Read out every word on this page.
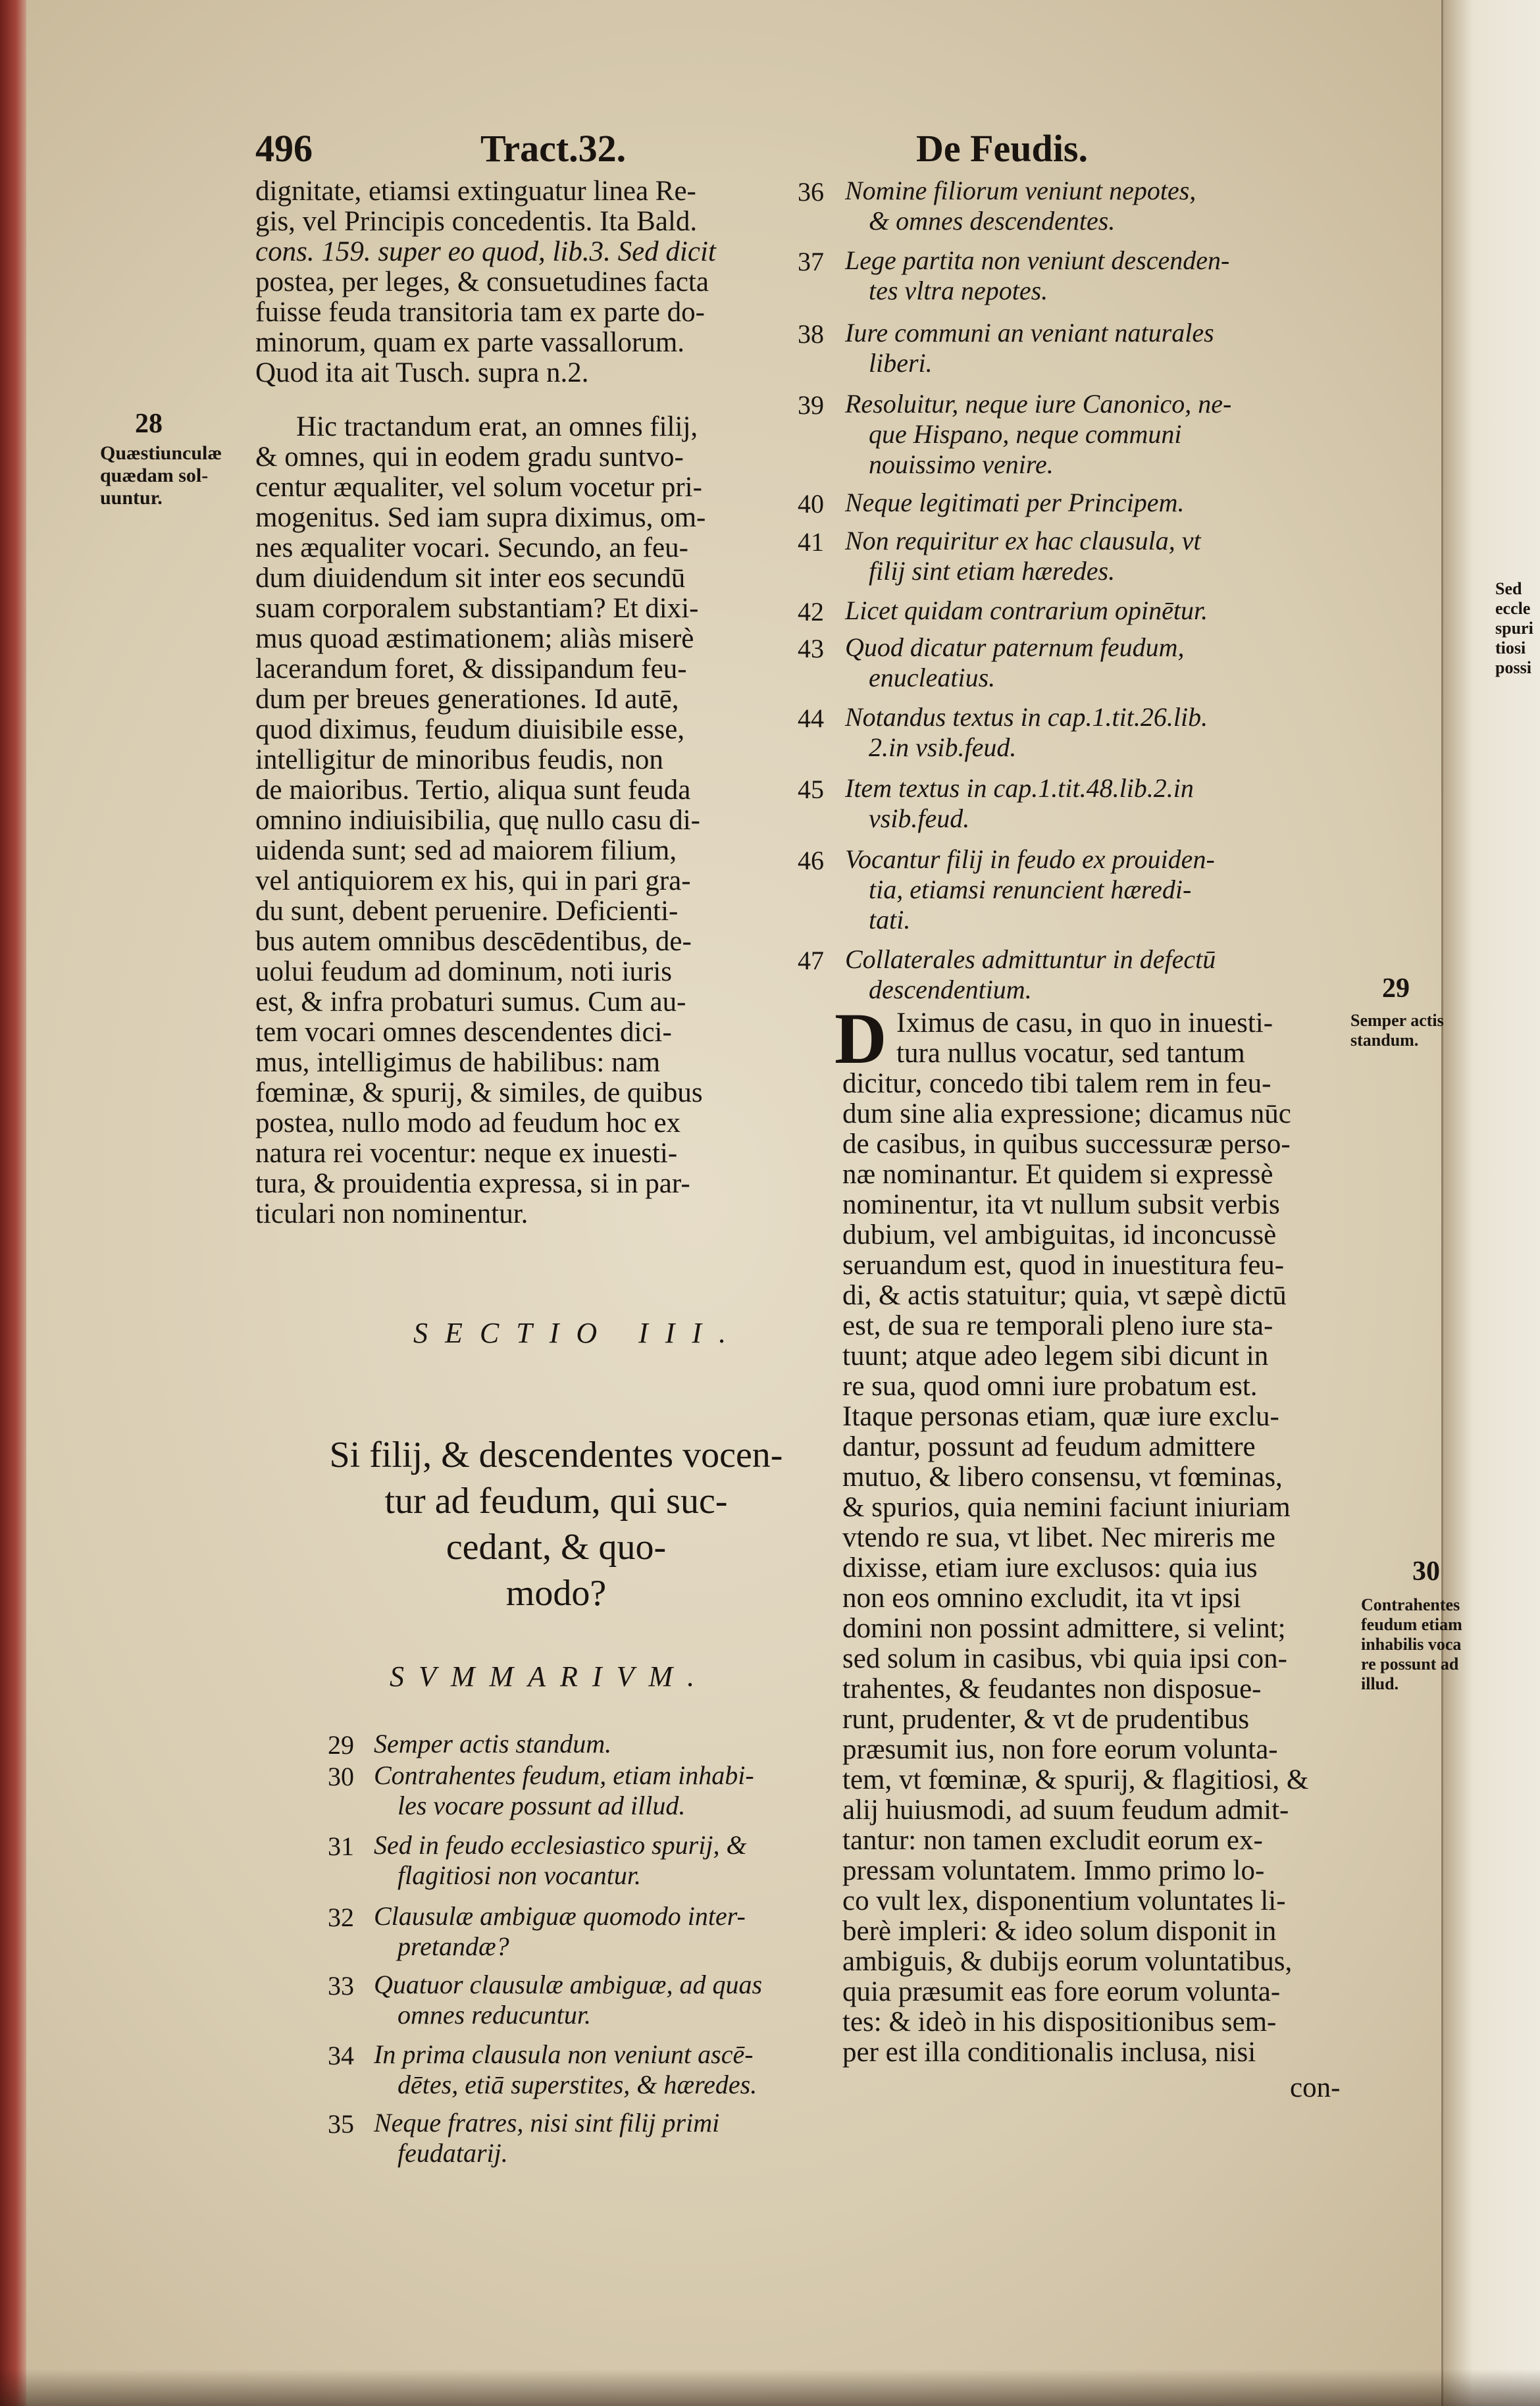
Sed
eccle
spuri
tiosi
possi
496	Tract.32.	De Feudis.
28
Quæstiunculæ
quædam sol-
uuntur.
dignitate, etiamsi extinguatur linea Re-
gis, vel Principis concedentis. Ita Bald.
cons. 159. super eo quod, lib.3. Sed dicit
postea, per leges, & consuetudines facta
fuisse feuda transitoria tam ex parte do-
minorum, quam ex parte vassallorum.
Quod ita ait Tusch. supra n.2.
Hic tractandum erat, an omnes filij,
& omnes, qui in eodem gradu suntvo-
centur æqualiter, vel solum vocetur pri-
mogenitus. Sed iam supra diximus, om-
nes æqualiter vocari. Secundo, an feu-
dum diuidendum sit inter eos secundū
suam corporalem substantiam? Et dixi-
mus quoad æstimationem; aliàs miserè
lacerandum foret, & dissipandum feu-
dum per breues generationes. Id autē,
quod diximus, feudum diuisibile esse,
intelligitur de minoribus feudis, non
de maioribus. Tertio, aliqua sunt feuda
omnino indiuisibilia, quę nullo casu di-
uidenda sunt; sed ad maiorem filium,
vel antiquiorem ex his, qui in pari gra-
du sunt, debent peruenire. Deficienti-
bus autem omnibus descēdentibus, de-
uolui feudum ad dominum, noti iuris
est, & infra probaturi sumus. Cum au-
tem vocari omnes descendentes dici-
mus, intelligimus de habilibus: nam
fœminæ, & spurij, & similes, de quibus
postea, nullo modo ad feudum hoc ex
natura rei vocentur: neque ex inuesti-
tura, & prouidentia expressa, si in par-
ticulari non nominentur.
SECTIO III.
Si filij, & descendentes vocen-
tur ad feudum, qui suc-
cedant, & quo-
modo?
SVMMARIVM.
29 Semper actis standum.
30 Contrahentes feudum, etiam inhabi-
les vocare possunt ad illud.
31 Sed in feudo ecclesiastico spurij, &
flagitiosi non vocantur.
32 Clausulæ ambiguæ quomodo inter-
pretandæ?
33 Quatuor clausulæ ambiguæ, ad quas
omnes reducuntur.
34 In prima clausula non veniunt ascē-
dētes, etiā superstites, & hæredes.
35 Neque fratres, nisi sint filij primi
feudatarij.
36 Nomine filiorum veniunt nepotes,
& omnes descendentes.
37 Lege partita non veniunt descenden-
tes vltra nepotes.
38 Iure communi an veniant naturales
liberi.
39 Resoluitur, neque iure Canonico, ne-
que Hispano, neque communi
nouissimo venire.
40 Neque legitimati per Principem.
41 Non requiritur ex hac clausula, vt
filij sint etiam hæredes.
42 Licet quidam contrarium opinētur.
43 Quod dicatur paternum feudum,
enucleatius.
44 Notandus textus in cap.1.tit.26.lib.
2.in vsib.feud.
45 Item textus in cap.1.tit.48.lib.2.in
vsib.feud.
46 Vocantur filij in feudo ex prouiden-
tia, etiamsi renuncient hæredi-
tati.
47 Collaterales admittuntur in defectū
descendentium.
D Iximus de casu, in quo in inuesti-
tura nullus vocatur, sed tantum
dicitur, concedo tibi talem rem in feu-
dum sine alia expressione; dicamus nūc
de casibus, in quibus successuræ perso-
næ nominantur. Et quidem si expressè
nominentur, ita vt nullum subsit verbis
dubium, vel ambiguitas, id inconcussè
seruandum est, quod in inuestitura feu-
di, & actis statuitur; quia, vt sæpè dictū
est, de sua re temporali pleno iure sta-
tuunt; atque adeo legem sibi dicunt in
re sua, quod omni iure probatum est.
Itaque personas etiam, quæ iure exclu-
dantur, possunt ad feudum admittere
mutuo, & libero consensu, vt fœminas,
& spurios, quia nemini faciunt iniuriam
vtendo re sua, vt libet. Nec mireris me
dixisse, etiam iure exclusos: quia ius
non eos omnino excludit, ita vt ipsi
domini non possint admittere, si velint;
sed solum in casibus, vbi quia ipsi con-
trahentes, & feudantes non disposue-
runt, prudenter, & vt de prudentibus
præsumit ius, non fore eorum volunta-
tem, vt fœminæ, & spurij, & flagitiosi, &
alij huiusmodi, ad suum feudum admit-
tantur: non tamen excludit eorum ex-
pressam voluntatem. Immo primo lo-
co vult lex, disponentium voluntates li-
berè impleri: & ideo solum disponit in
ambiguis, & dubijs eorum voluntatibus,
quia præsumit eas fore eorum volunta-
tes: & ideò in his dispositionibus sem-
per est illa conditionalis inclusa, nisi
con-
29
Semper actis
standum.
30
Contrahentes
feudum etiam
inhabilis voca
re possunt ad
illud.
